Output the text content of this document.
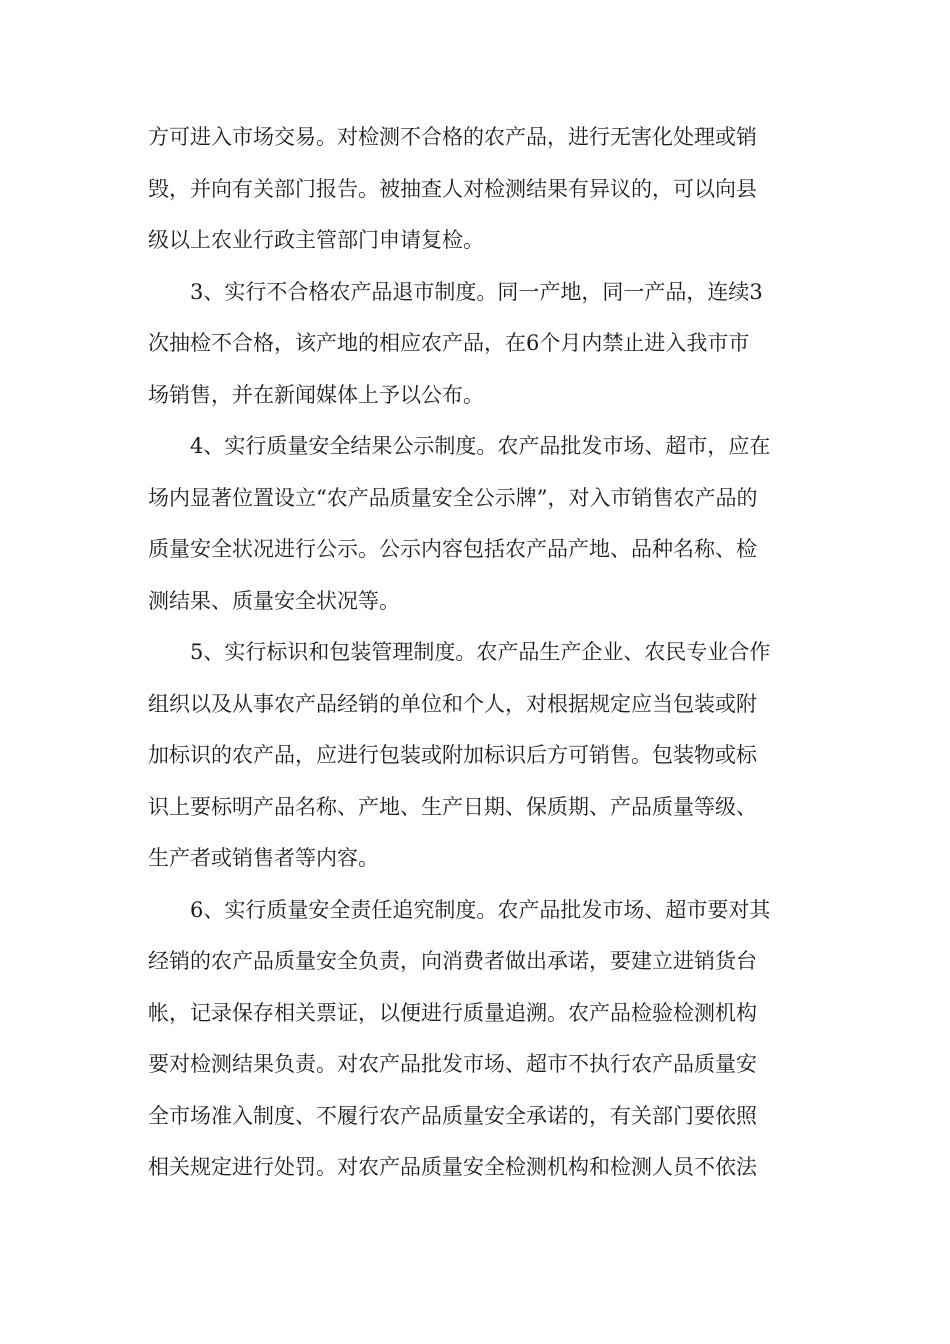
方可进入市场交易。对检测不合格的农产品，进行无害化处理或销
毁，并向有关部门报告。被抽查人对检测结果有异议的，可以向县
级以上农业行政主管部门申请复检。
3、实行不合格农产品退市制度。同一产地，同一产品，连续3
次抽检不合格，该产地的相应农产品，在6个月内禁止进入我市市
场销售，并在新闻媒体上予以公布。
4、实行质量安全结果公示制度。农产品批发市场、超市，应在
场内显著位置设立“农产品质量安全公示牌”，对入市销售农产品的
质量安全状况进行公示。公示内容包括农产品产地、品种名称、检
测结果、质量安全状况等。
5、实行标识和包装管理制度。农产品生产企业、农民专业合作
组织以及从事农产品经销的单位和个人，对根据规定应当包装或附
加标识的农产品，应进行包装或附加标识后方可销售。包装物或标
识上要标明产品名称、产地、生产日期、保质期、产品质量等级、
生产者或销售者等内容。
6、实行质量安全责任追究制度。农产品批发市场、超市要对其
经销的农产品质量安全负责，向消费者做出承诺，要建立进销货台
帐，记录保存相关票证，以便进行质量追溯。农产品检验检测机构
要对检测结果负责。对农产品批发市场、超市不执行农产品质量安
全市场准入制度、不履行农产品质量安全承诺的，有关部门要依照
相关规定进行处罚。对农产品质量安全检测机构和检测人员不依法
